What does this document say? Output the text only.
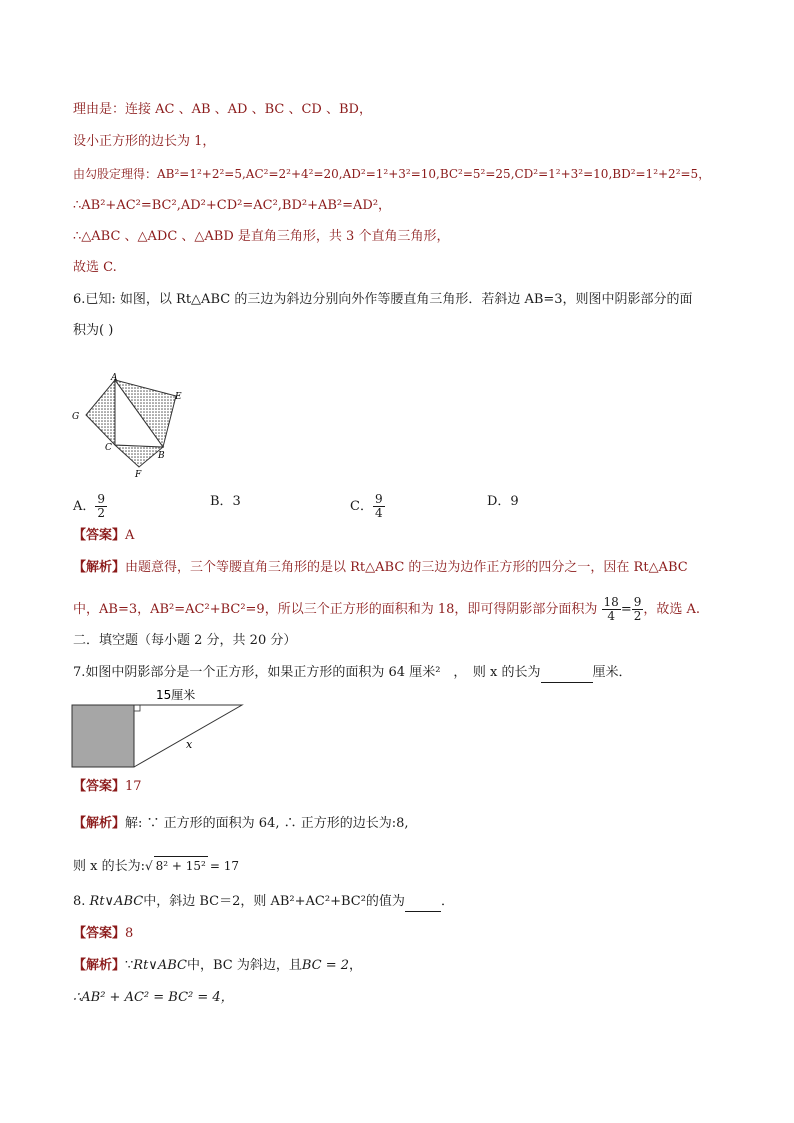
理由是：连接 AC 、AB 、AD 、BC 、CD 、BD，
设小正方形的边长为 1，
由勾股定理得：AB²=1²+2²=5,AC²=2²+4²=20,AD²=1²+3²=10,BC²=5²=25,CD²=1²+3²=10,BD²=1²+2²=5，
∴AB²+AC²=BC²,AD²+CD²=AC²,BD²+AB²=AD²，
∴△ABC 、△ADC 、△ABD 是直角三角形，共 3 个直角三角形，
故选 C.
6.已知: 如图，以 Rt△ABC 的三边为斜边分别向外作等腰直角三角形．若斜边 AB=3，则图中阴影部分的面
积为( )
A
B
C
E
F
G
A． $\frac{9}{2}$	B．3	C． $\frac{9}{4}$	D．9
【答案】A
【解析】由题意得，三个等腰直角三角形的是以 Rt△ABC 的三边为边作正方形的四分之一，因在 Rt△ABC
中，AB=3，AB²=AC²+BC²=9，所以三个正方形的面积和为 18，即可得阴影部分面积为 $\frac{18}{4} = \frac{9}{2}$ ，故选 A.
二．填空题（每小题 2 分，共 20 分）
7.如图中阴影部分是一个正方形，如果正方形的面积为 64 厘米²　，　则 x 的长为	厘米．
15厘米
x
【答案】17
【解析】解: ∵ 正方形的面积为 64, ∴ 正方形的边长为:8,
则 x 的长为:√ 8² + 15² = 17
8. Rt∨ABC中，斜边 BC＝2，则 AB²+AC²+BC²的值为	．
【答案】8
【解析】∵Rt∨ABC中，BC 为斜边，且BC = 2，
∴AB² + AC² = BC² = 4，
